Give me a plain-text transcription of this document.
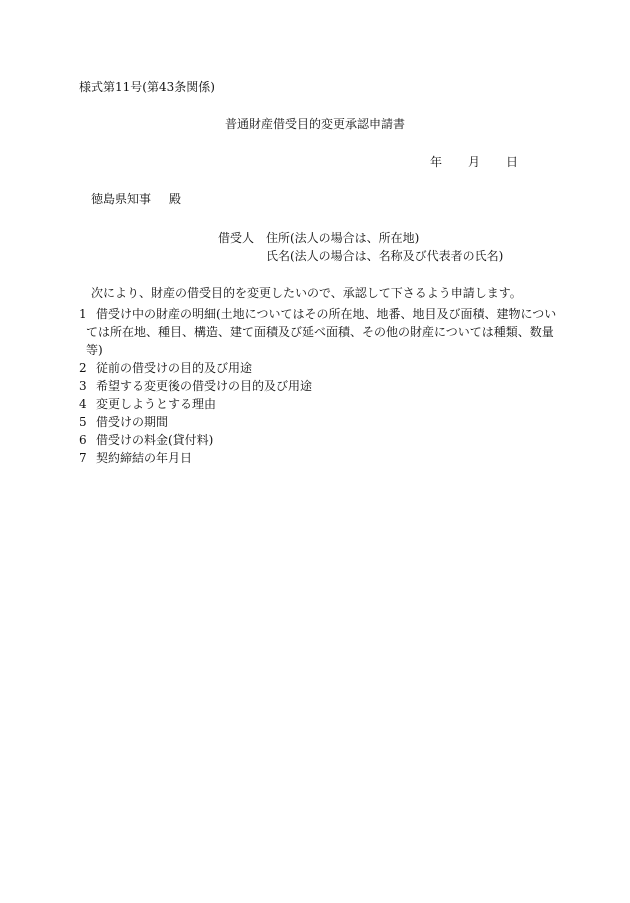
様式第11号(第43条関係)
普通財産借受目的変更承認申請書
年 月 日
徳島県知事 殿
借受人 住所(法人の場合は、所在地)
氏名(法人の場合は、名称及び代表者の氏名)
次により、財産の借受目的を変更したいので、承認して下さるよう申請します。
1 借受け中の財産の明細(土地についてはその所在地、地番、地目及び面積、建物につい
ては所在地、種目、構造、建て面積及び延べ面積、その他の財産については種類、数量
等)
2 従前の借受けの目的及び用途
3 希望する変更後の借受けの目的及び用途
4 変更しようとする理由
5 借受けの期間
6 借受けの料金(貸付料)
7 契約締結の年月日
